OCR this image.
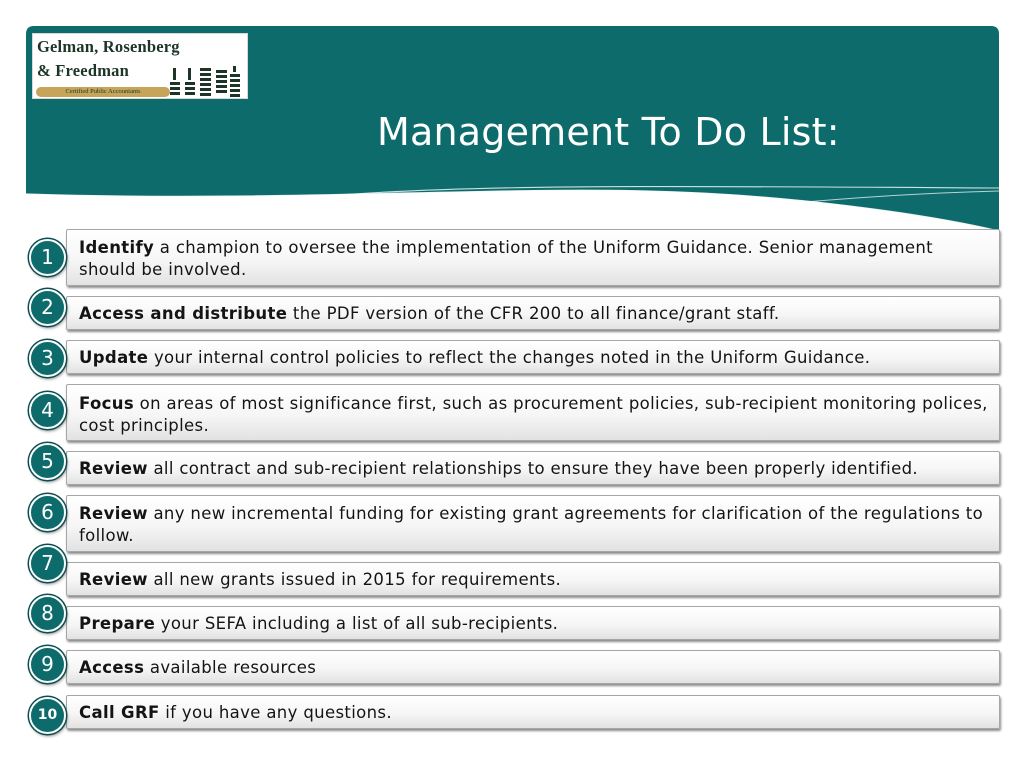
Gelman, Rosenberg
& Freedman
Certified Public Accountants
Management To Do List:
Identify a champion to oversee the implementation of the Uniform Guidance. Senior management should be involved.
1
Access and distribute the PDF version of the CFR 200 to all finance/grant staff.
2
Update your internal control policies to reflect the changes noted in the Uniform Guidance.
3
Focus on areas of most significance first, such as procurement policies, sub-recipient monitoring polices, cost principles.
4
Review all contract and sub-recipient relationships to ensure they have been properly identified.
5
Review any new incremental funding for existing grant agreements for clarification of the regulations to follow.
6
Review all new grants issued in 2015 for requirements.
7
Prepare your SEFA including a list of all sub-recipients.
8
Access available resources
9
Call GRF if you have any questions.
10
